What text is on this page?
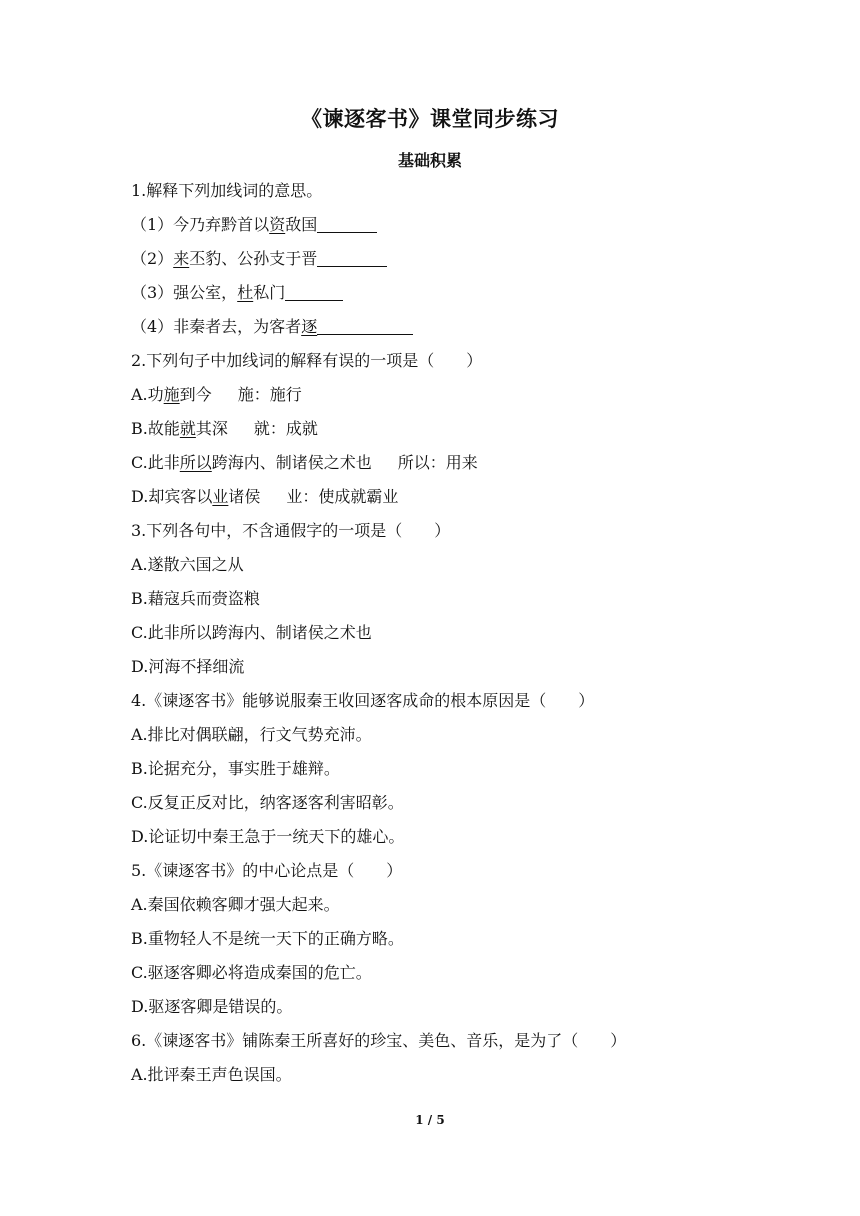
《谏逐客书》课堂同步练习
基础积累
1.解释下列加线词的意思。
（1）今乃弃黔首以资敌国
（2）来丕豹、公孙支于晋
（3）强公室，杜私门
（4）非秦者去，为客者逐
2.下列句子中加线词的解释有误的一项是（　　）
A.功施到今 施：施行
B.故能就其深 就：成就
C.此非所以跨海内、制诸侯之术也 所以：用来
D.却宾客以业诸侯 业：使成就霸业
3.下列各句中，不含通假字的一项是（　　）
A.遂散六国之从
B.藉寇兵而赍盗粮
C.此非所以跨海内、制诸侯之术也
D.河海不择细流
4.《谏逐客书》能够说服秦王收回逐客成命的根本原因是（　　）
A.排比对偶联翩，行文气势充沛。
B.论据充分，事实胜于雄辩。
C.反复正反对比，纳客逐客利害昭彰。
D.论证切中秦王急于一统天下的雄心。
5.《谏逐客书》的中心论点是（　　）
A.秦国依赖客卿才强大起来。
B.重物轻人不是统一天下的正确方略。
C.驱逐客卿必将造成秦国的危亡。
D.驱逐客卿是错误的。
6.《谏逐客书》铺陈秦王所喜好的珍宝、美色、音乐，是为了（　　）
A.批评秦王声色误国。
1 / 5
